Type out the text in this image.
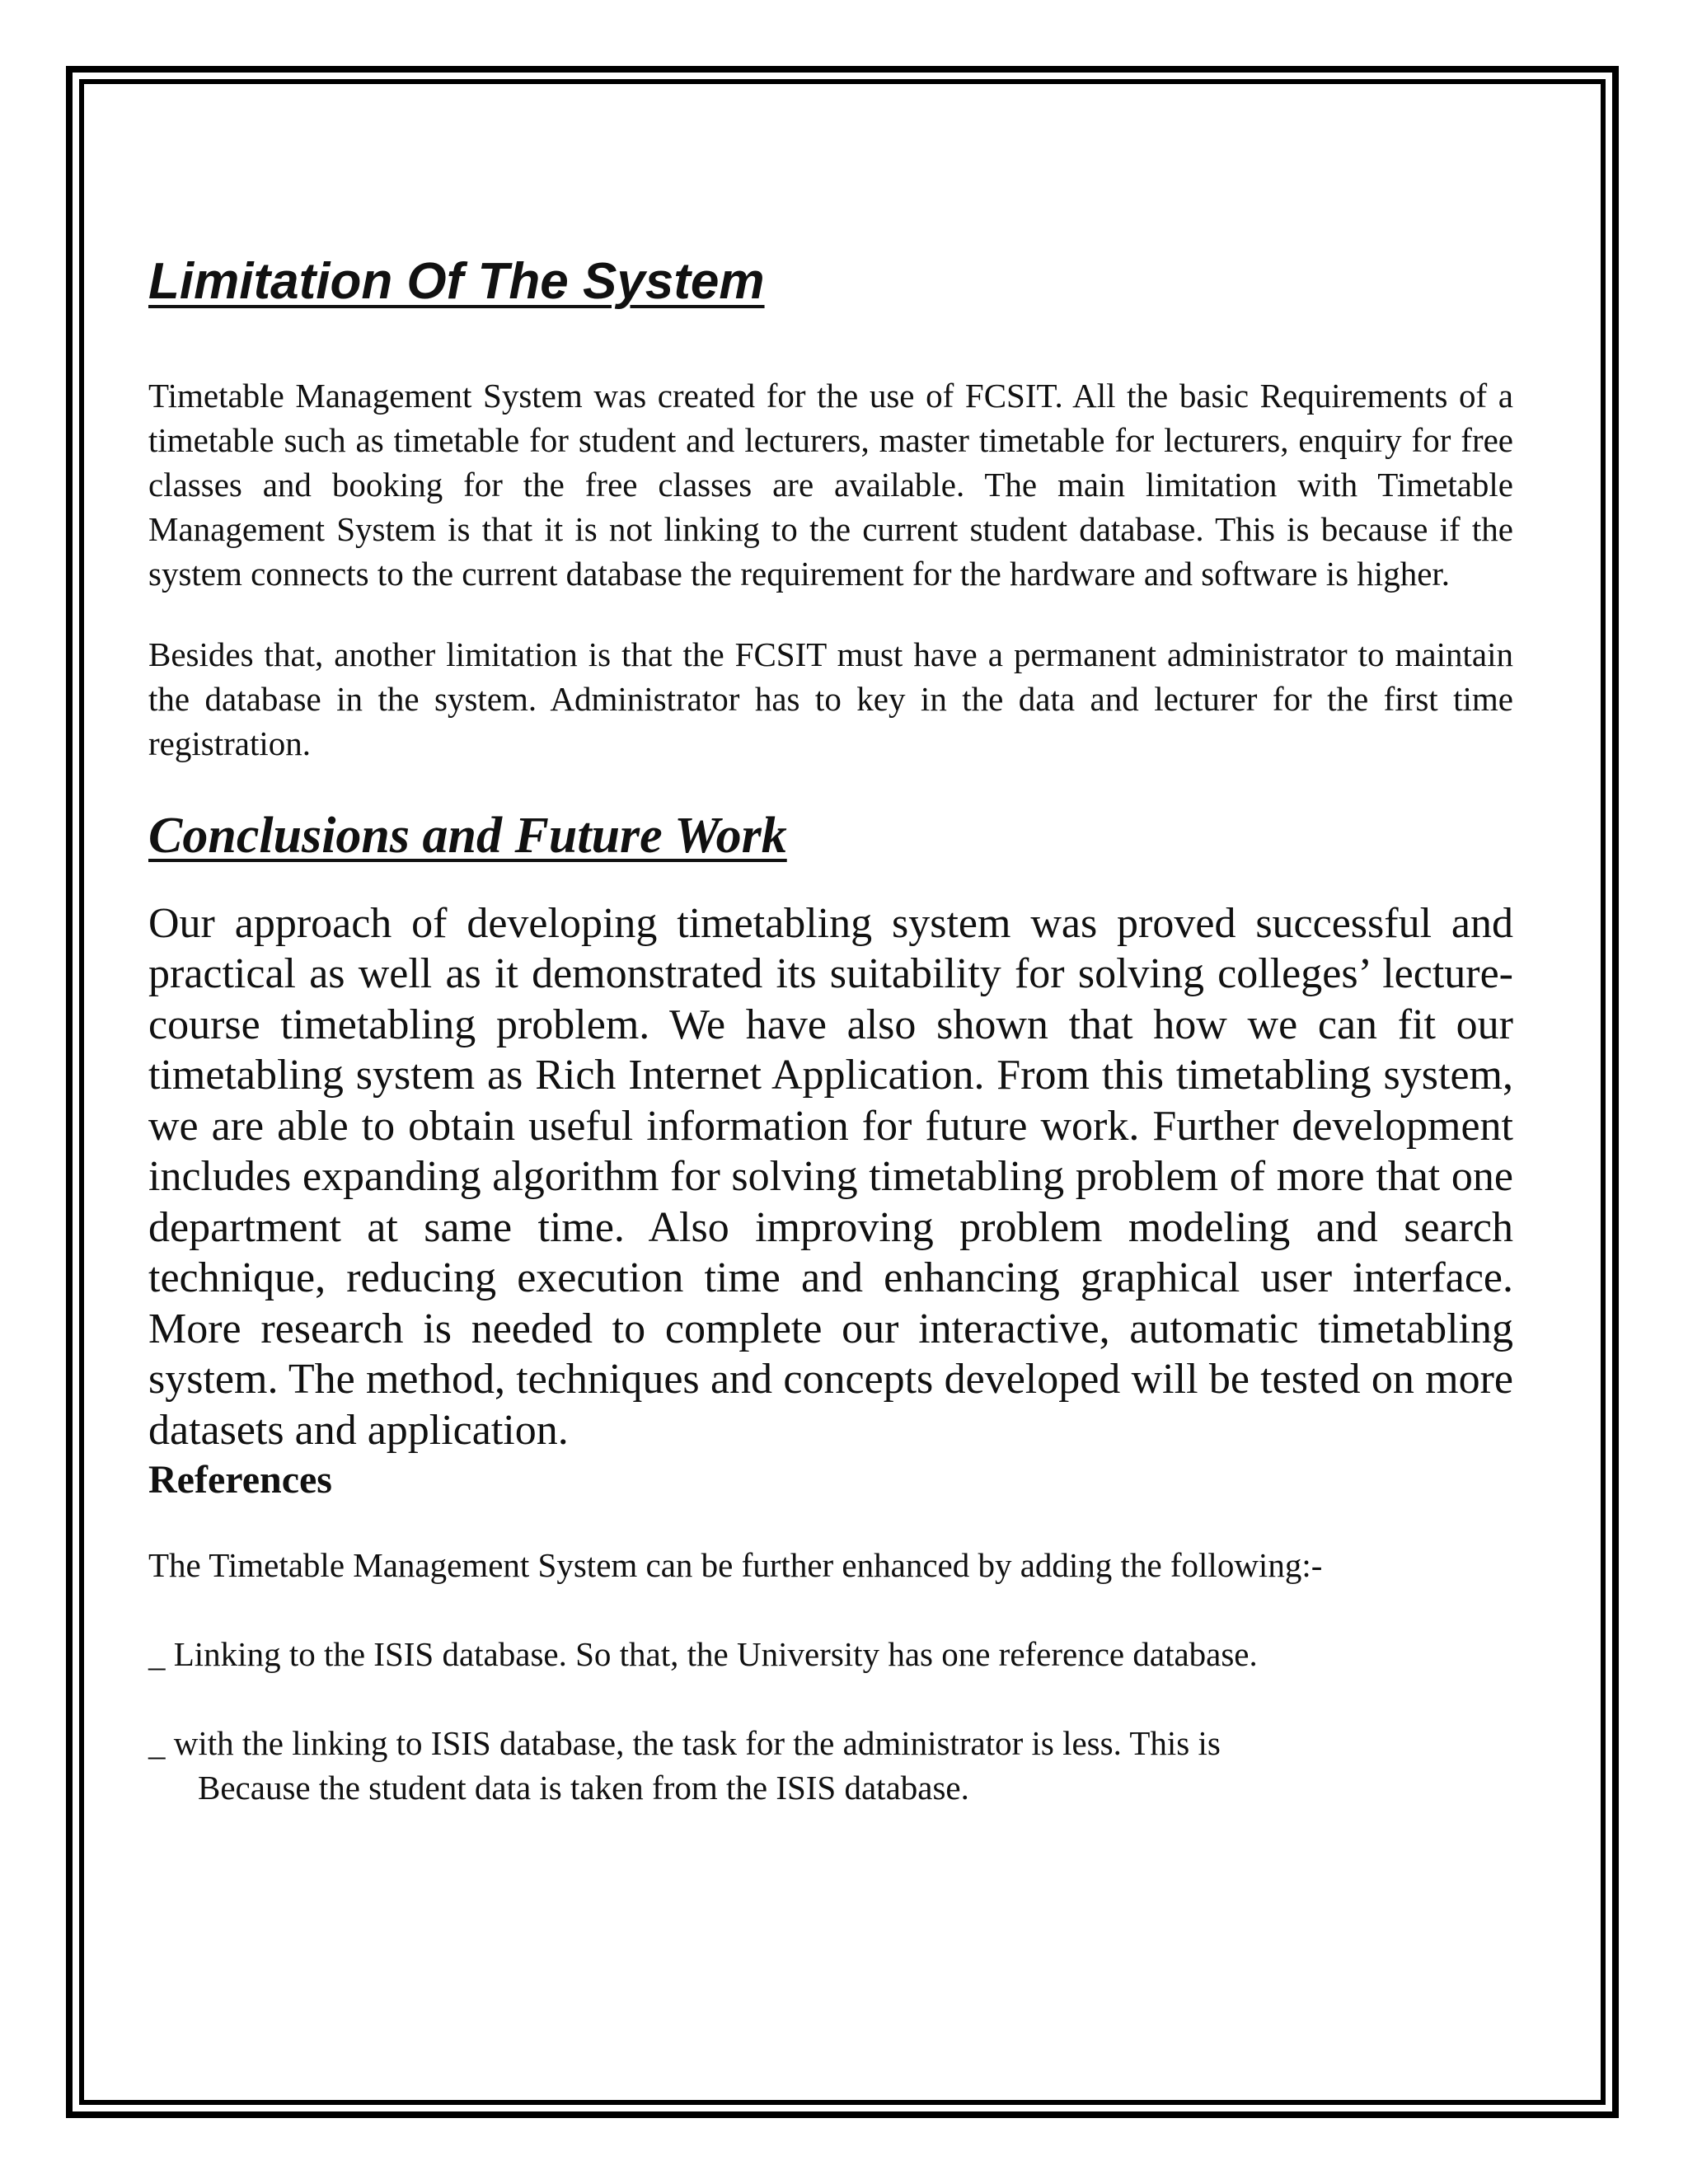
Limitation Of The System

Timetable Management System was created for the use of FCSIT. All the basic Requirements of a timetable such as timetable for student and lecturers, master timetable for lecturers, enquiry for free classes and booking for the free classes are available. The main limitation with Timetable Management System is that it is not linking to the current student database. This is because if the system connects to the current database the requirement for the hardware and software is higher.

Besides that, another limitation is that the FCSIT must have a permanent administrator to maintain the database in the system. Administrator has to key in the data and lecturer for the first time registration.

Conclusions and Future Work

Our approach of developing timetabling system was proved successful and practical as well as it demonstrated its suitability for solving colleges’ lecture-course timetabling problem. We have also shown that how we can fit our timetabling system as Rich Internet Application. From this timetabling system, we are able to obtain useful information for future work. Further development includes expanding algorithm for solving timetabling problem of more that one department at same time. Also improving problem modeling and search technique, reducing execution time and enhancing graphical user interface. More research is needed to complete our interactive, automatic timetabling system. The method, techniques and concepts developed will be tested on more datasets and application.

References

The Timetable Management System can be further enhanced by adding the following:-

_ Linking to the ISIS database. So that, the University has one reference database.

_ with the linking to ISIS database, the task for the administrator is less. This is
Because the student data is taken from the ISIS database.
